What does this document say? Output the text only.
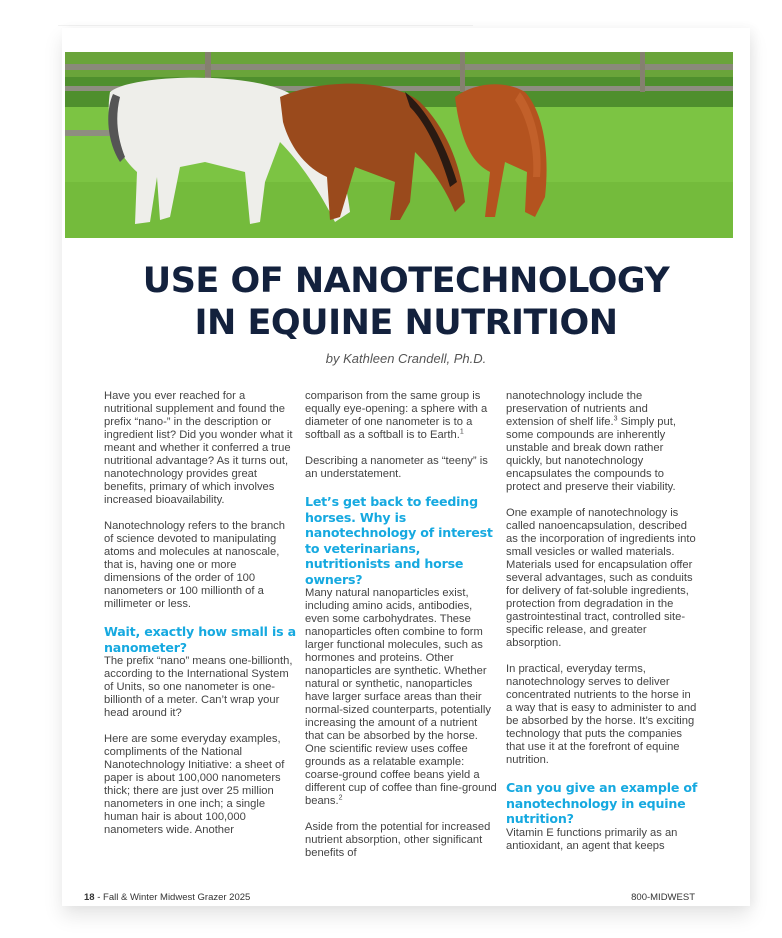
USE OF NANOTECHNOLOGY
IN EQUINE NUTRITION
by Kathleen Crandell, Ph.D.

Have you ever reached for a nutritional supplement and found the prefix “nano-” in the description or ingredient list? Did you wonder what it meant and whether it conferred a true nutritional advantage? As it turns out, nanotechnology provides great benefits, primary of which involves increased bioavailability.

Nanotechnology refers to the branch of science devoted to manipulating atoms and molecules at nanoscale, that is, having one or more dimensions of the order of 100 nanometers or 100 millionth of a millimeter or less.

Wait, exactly how small is a nanometer?

The prefix “nano” means one-billionth, according to the International System of Units, so one nanometer is one-billionth of a meter. Can’t wrap your head around it?

Here are some everyday examples, compliments of the National Nanotechnology Initiative: a sheet of paper is about 100,000 nanometers thick; there are just over 25 million nanometers in one inch; a single human hair is about 100,000 nanometers wide. Another

comparison from the same group is equally eye-opening: a sphere with a diameter of one nanometer is to a softball as a softball is to Earth.$^1$

Describing a nanometer as “teeny” is an understatement.

Let’s get back to feeding horses. Why is nanotechnology of interest to veterinarians, nutritionists and horse owners?

Many natural nanoparticles exist, including amino acids, antibodies, even some carbohydrates. These nanoparticles often combine to form larger functional molecules, such as hormones and proteins. Other nanoparticles are synthetic. Whether natural or synthetic, nanoparticles have larger surface areas than their normal-sized counterparts, potentially increasing the amount of a nutrient that can be absorbed by the horse. One scientific review uses coffee grounds as a relatable example: coarse-ground coffee beans yield a different cup of coffee than fine-ground beans.$^2$

Aside from the potential for increased nutrient absorption, other significant benefits of

nanotechnology include the preservation of nutrients and extension of shelf life.$^3$ Simply put, some compounds are inherently unstable and break down rather quickly, but nanotechnology encapsulates the compounds to protect and preserve their viability.

One example of nanotechnology is called nanoencapsulation, described as the incorporation of ingredients into small vesicles or walled materials. Materials used for encapsulation offer several advantages, such as conduits for delivery of fat-soluble ingredients, protection from degradation in the gastrointestinal tract, controlled site-specific release, and greater absorption.

In practical, everyday terms, nanotechnology serves to deliver concentrated nutrients to the horse in a way that is easy to administer to and be absorbed by the horse. It’s exciting technology that puts the companies that use it at the forefront of equine nutrition.

Can you give an example of nanotechnology in equine nutrition?

Vitamin E functions primarily as an antioxidant, an agent that keeps

18 - Fall & Winter Midwest Grazer 2025	800-MIDWEST
